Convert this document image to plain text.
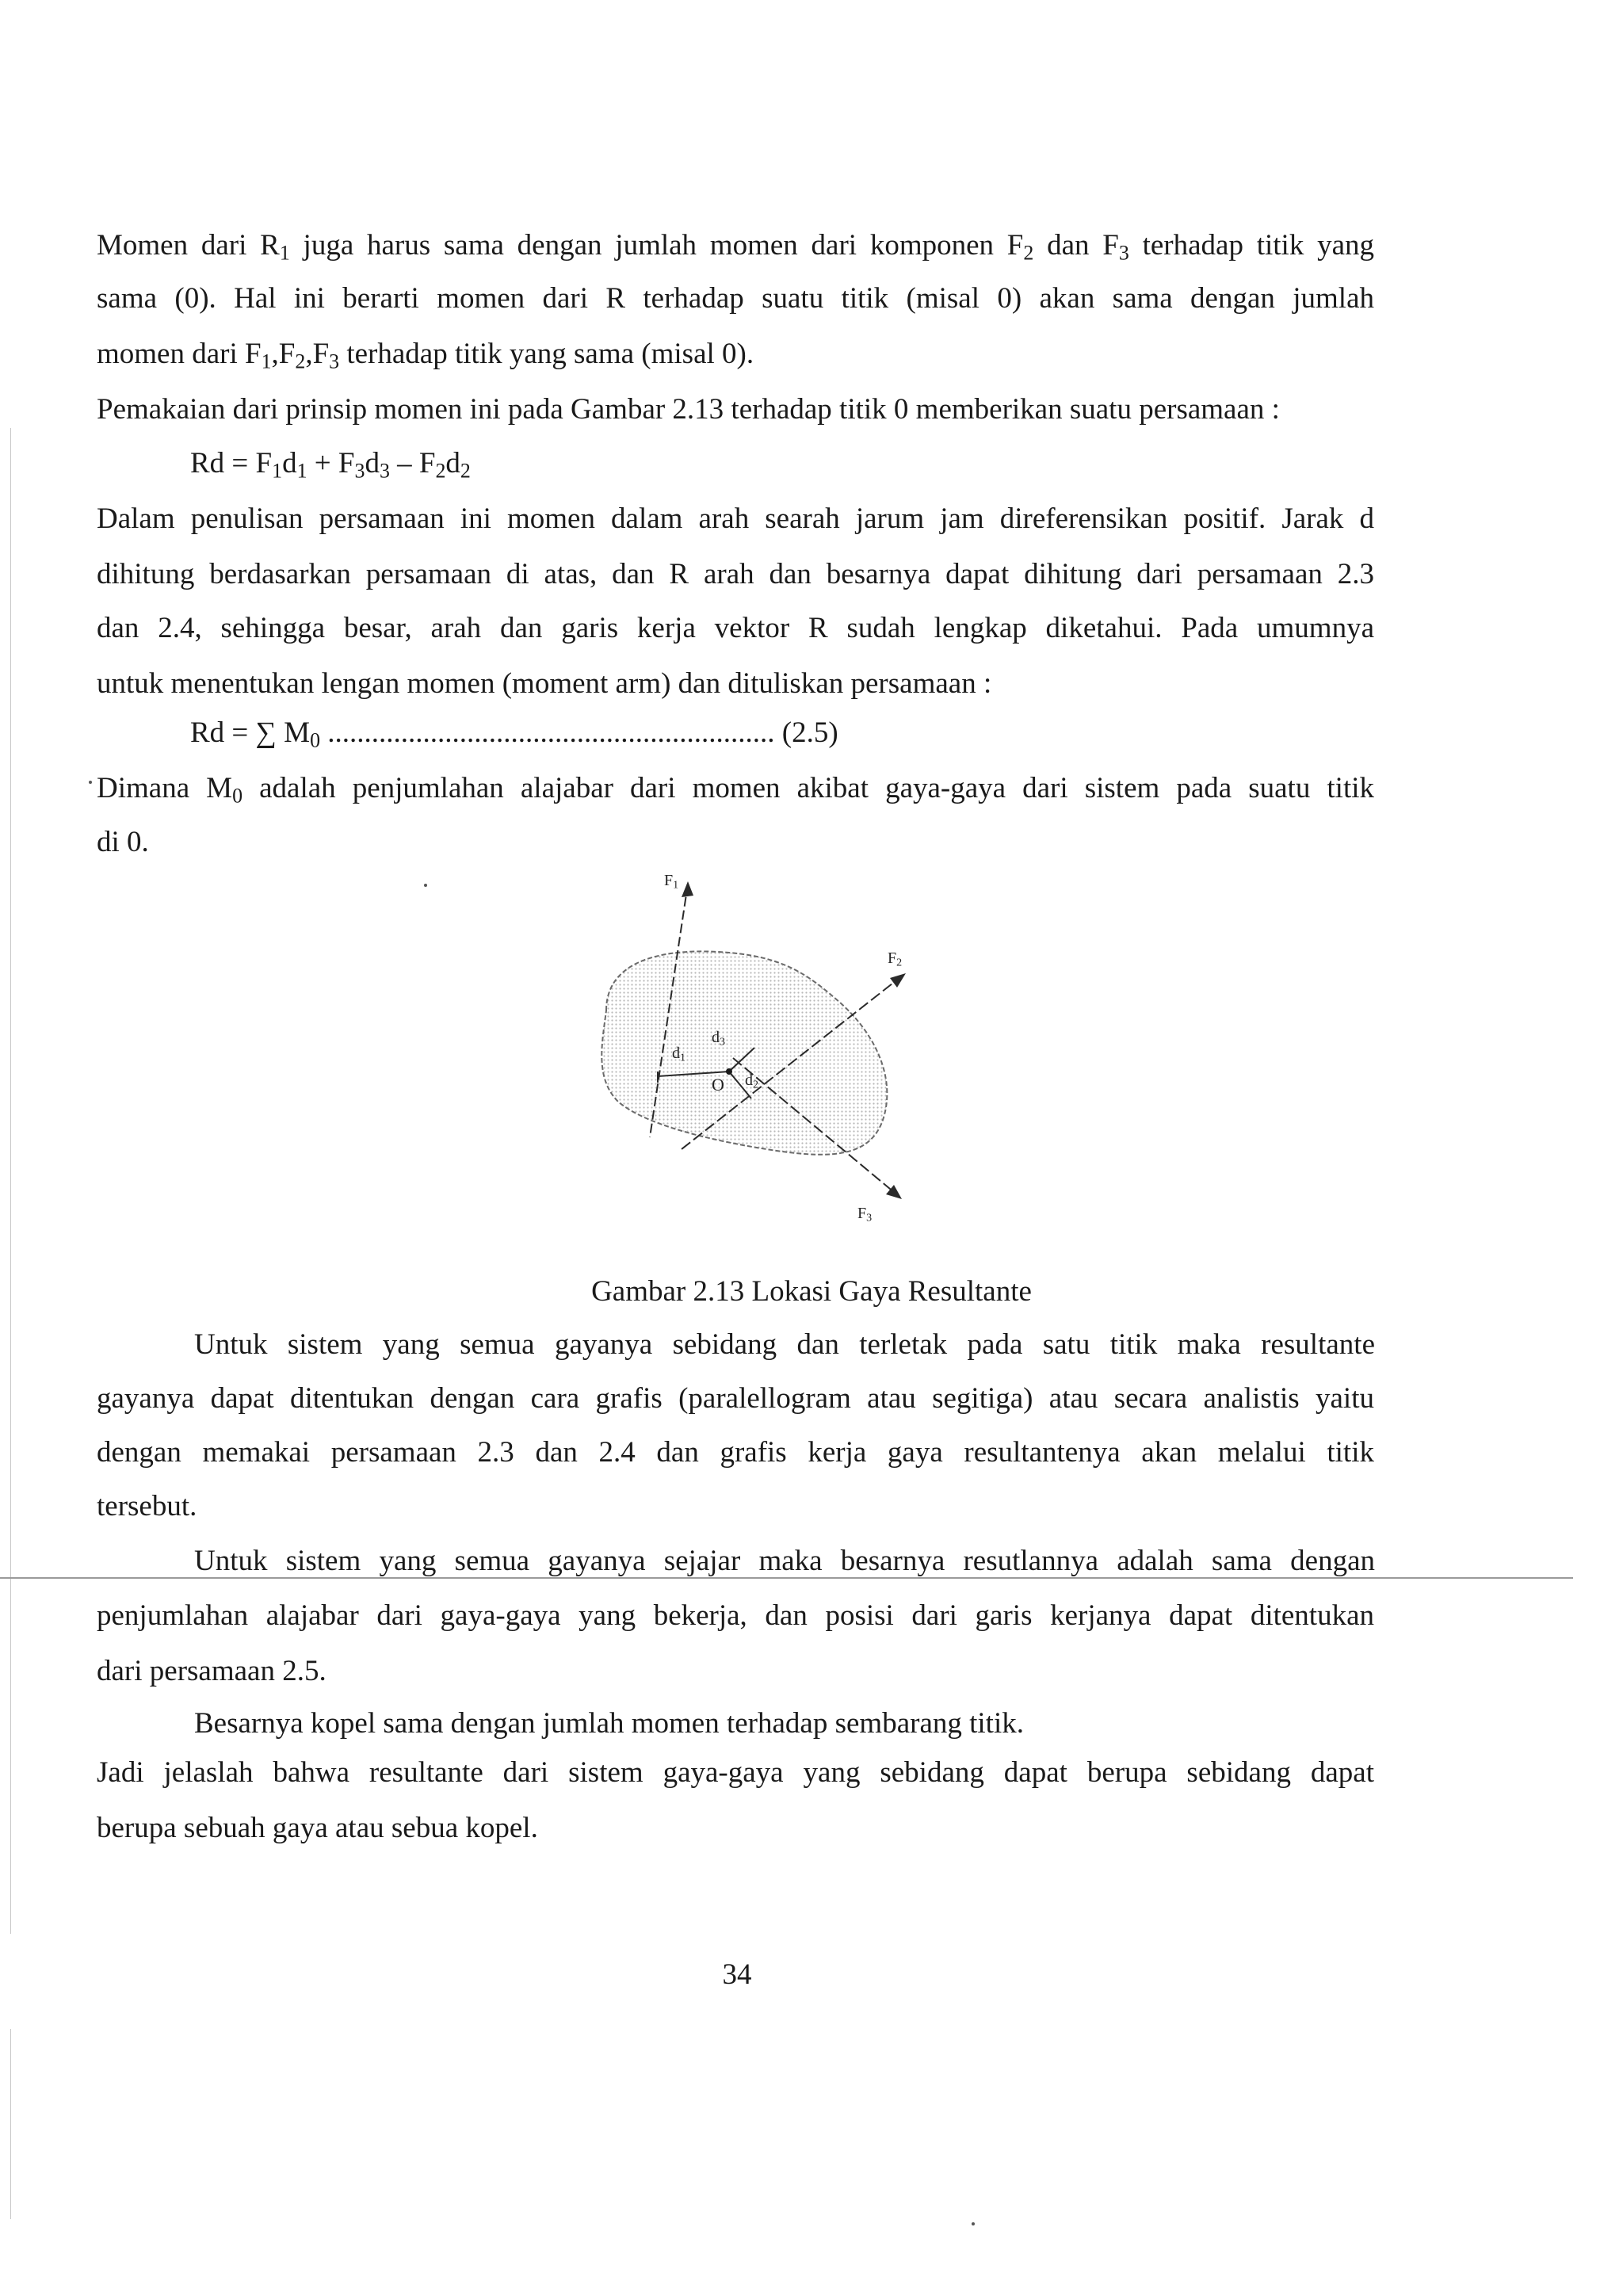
Momen dari $R_1$ juga harus sama dengan jumlah momen dari komponen $F_2$ dan $F_3$ terhadap titik yang
sama (0). Hal ini berarti momen dari R terhadap suatu titik (misal 0) akan sama dengan jumlah
momen dari $F_1,F_2,F_3$ terhadap titik yang sama (misal 0).
Pemakaian dari prinsip momen ini pada Gambar 2.13 terhadap titik 0 memberikan suatu persamaan :
$Rd = F_1d_1 + F_3d_3 - F_2d_2$
Dalam penulisan persamaan ini momen dalam arah searah jarum jam direferensikan positif. Jarak d
dihitung berdasarkan persamaan di atas, dan R arah dan besarnya dapat dihitung dari persamaan 2.3
dan 2.4, sehingga besar, arah dan garis kerja vektor R sudah lengkap diketahui. Pada umumnya
untuk menentukan lengan momen (moment arm) dan dituliskan persamaan :
Rd = ∑ $M_0$ ............................................................. (2.5)
Dimana $M_0$ adalah penjumlahan alajabar dari momen akibat gaya-gaya dari sistem pada suatu titik
di 0.
$F_1$
$F_2$
$F_3$
$d_1$
$d_3$
$d_2$
O
Gambar 2.13 Lokasi Gaya Resultante
Untuk sistem yang semua gayanya sebidang dan terletak pada satu titik maka resultante
gayanya dapat ditentukan dengan cara grafis (paralellogram atau segitiga) atau secara analistis yaitu
dengan memakai persamaan 2.3 dan 2.4 dan grafis kerja gaya resultantenya akan melalui titik
tersebut.
Untuk sistem yang semua gayanya sejajar maka besarnya resutlannya adalah sama dengan
penjumlahan alajabar dari gaya-gaya yang bekerja, dan posisi dari garis kerjanya dapat ditentukan
dari persamaan 2.5.
Besarnya kopel sama dengan jumlah momen terhadap sembarang titik.
Jadi jelaslah bahwa resultante dari sistem gaya-gaya yang sebidang dapat berupa sebidang dapat
berupa sebuah gaya atau sebua kopel.
34
